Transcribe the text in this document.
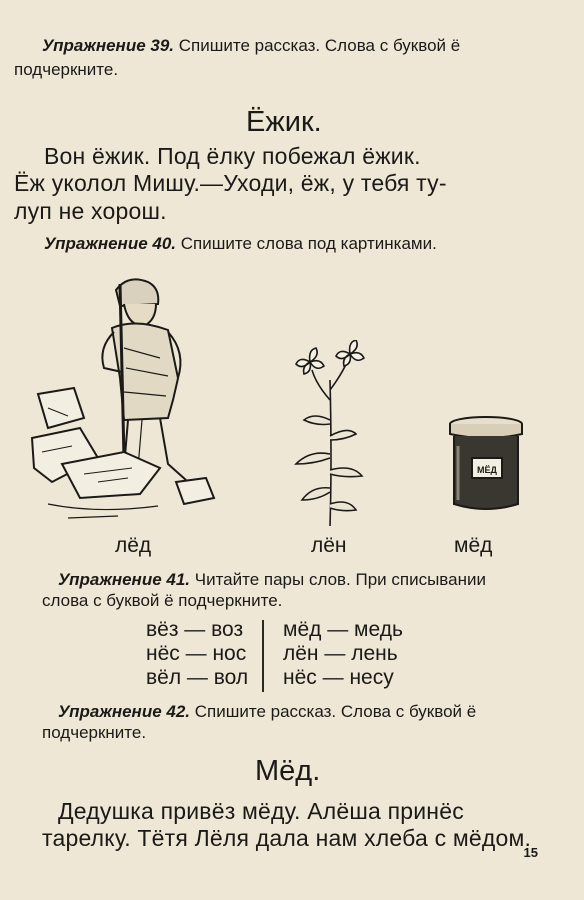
Упражнение 39. Спишите рассказ. Слова с буквой ё
подчеркните.
Ёжик.
Вон ёжик. Под ёлку побежал ёжик.
Ёж уколол Мишу.—Уходи, ёж, у тебя ту-
луп не хорош.
Упражнение 40. Спишите слова под картинками.
МЁД
лёд	лён	мёд
Упражнение 41. Читайте пары слов. При списывании
слова с буквой ё подчеркните.
вёз — воз
нёс — нос
вёл — вол
мёд — медь
лён — лень
нёс — несу
Упражнение 42. Спишите рассказ. Слова с буквой ё
подчеркните.
Мёд.
Дедушка привёз мёду. Алёша принёс
тарелку. Тётя Лёля дала нам хлеба с мёдом.
15
